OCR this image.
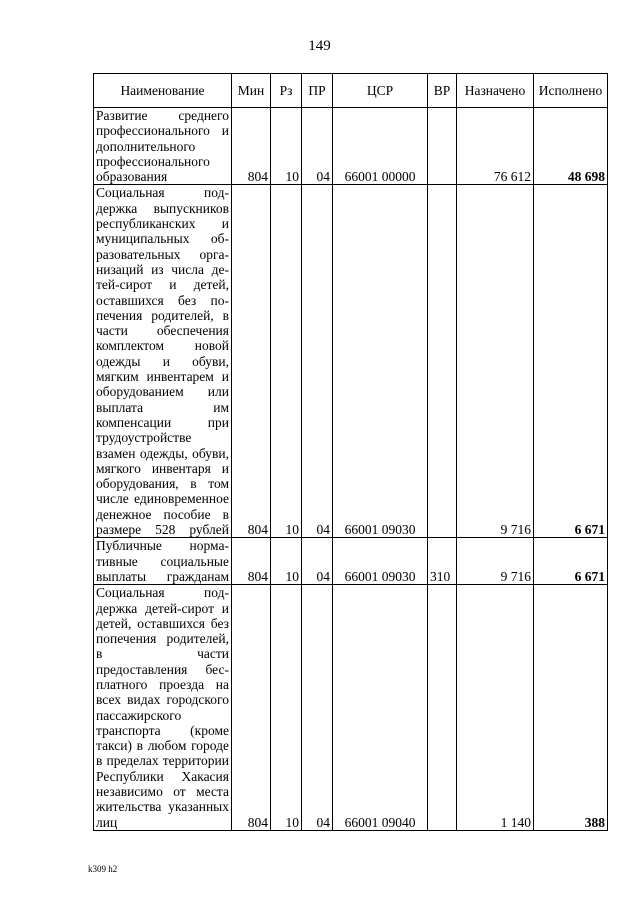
149
Наименование	Мин	Рз	ПР	ЦСР	ВР	Назначено	Исполнено
Развитие среднего профессионального и дополнительного профессионального образования	804	10	04	66001 00000		76 612	48 698
Социальная поддержка выпускников республиканских и муниципальных образовательных организаций из числа детей-сирот и детей, оставшихся без попечения родителей, в части обеспечения комплектом новой одежды и обуви, мягким инвентарем и оборудованием или выплата им компенсации при трудоустройстве взамен одежды, обуви, мягкого инвентаря и оборудования, в том числе единовременное денежное пособие в размере 528 рублей	804	10	04	66001 09030		9 716	6 671
Публичные нормативные социальные выплаты гражданам	804	10	04	66001 09030	310	9 716	6 671
Социальная поддержка детей-сирот и детей, оставшихся без попечения родителей, в части предоставления бесплатного проезда на всех видах городского пассажирского транспорта (кроме такси) в любом городе в пределах территории Республики Хакасия независимо от места жительства указанных лиц	804	10	04	66001 09040		1 140	388
k309 h2
